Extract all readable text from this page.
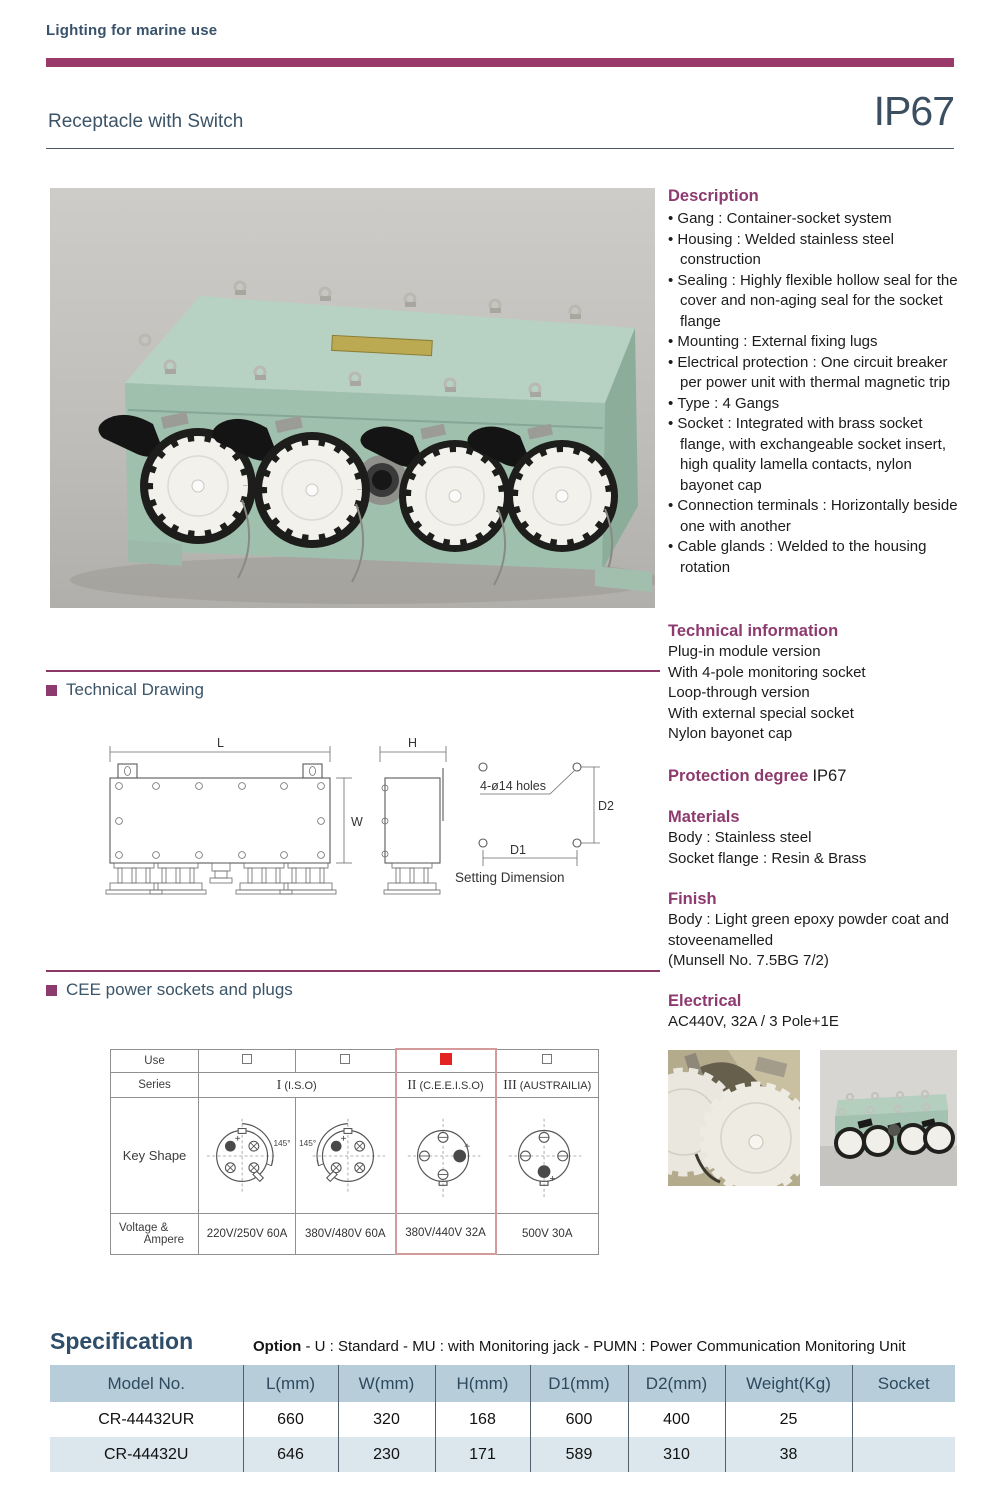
Lighting for marine use
Receptacle with Switch	IP67
Description
• Gang : Container-socket system
• Housing : Welded stainless steel construction
• Sealing : Highly flexible hollow seal for the cover and non-aging seal for the socket flange
• Mounting : External fixing lugs
• Electrical protection : One circuit breaker per power unit with thermal magnetic trip
• Type : 4 Gangs
• Socket : Integrated with brass socket flange, with exchangeable socket insert, high quality lamella contacts, nylon bayonet cap
• Connection terminals : Horizontally beside one with another
• Cable glands : Welded to the housing rotation
Technical information
Plug-in module version
With 4-pole monitoring socket
Loop-through version
With external special socket
Nylon bayonet cap
Protection degree IP67
Materials
Body : Stainless steel
Socket flange : Resin & Brass
Finish
Body : Light green epoxy powder coat and stoveenamelled
(Munsell No. 7.5BG 7/2)
Electrical
AC440V, 32A / 3 Pole+1E
Technical Drawing
L
W
H
4-ø14 holes
D2
D1
Setting Dimension
CEE power sockets and plugs
Use				
Series	I (I.S.O)		II (C.E.E.I.S.O)	III (AUSTRAILIA)
Key Shape	145°	145°

Voltage &
Ampere	220V/250V 60A	380V/480V 60A	380V/440V 32A	500V 30A
Specification	Option - U : Standard - MU : with Monitoring jack - PUMN : Power Communication Monitoring Unit
Model No.	L(mm)	W(mm)	H(mm)	D1(mm)	D2(mm)	Weight(Kg)	Socket
CR-44432UR	660	320	168	600	400	25	
CR-44432U	646	230	171	589	310	38	
